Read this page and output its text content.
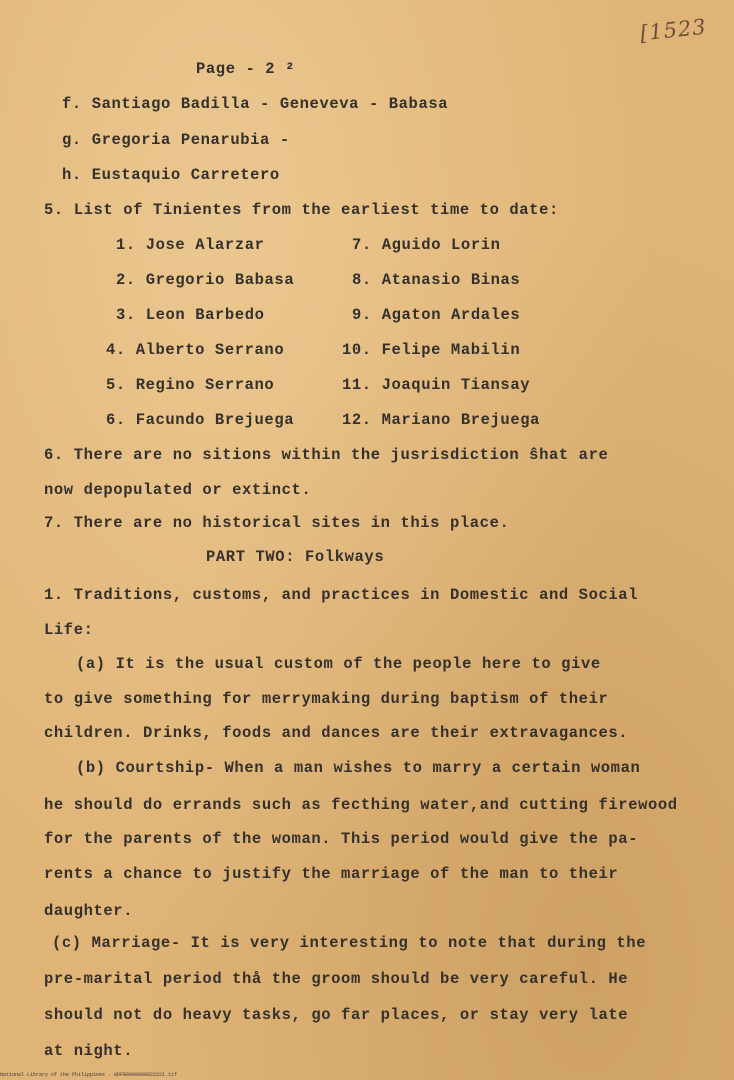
[1523
Page - 2 ²
f. Santiago Badilla - Geneveva - Babasa
g. Gregoria Penarubia -
h. Eustaquio Carretero
5. List of Tinientes from the earliest time to date:
1. Jose Alarzar
2. Gregorio Babasa
3. Leon Barbedo
4. Alberto Serrano
5. Regino Serrano
6. Facundo Brejuega
7. Aguido Lorin
8. Atanasio Binas
9. Agaton Ardales
10. Felipe Mabilin
11. Joaquin Tiansay
12. Mariano Brejuega
6. There are no sitions within the jusrisdiction ŝhat are
now depopulated or extinct.
7. There are no historical sites in this place.
PART TWO: Folkways
1. Traditions, customs, and practices in Domestic and Social
Life:
(a) It is the usual custom of the people here to give
to give something for merrymaking during baptism of their
children. Drinks, foods and dances are their extravagances.
(b) Courtship- When a man wishes to marry a certain woman
he should do errands such as fecthing water,and cutting firewood
for the parents of the woman. This period would give the pa-
rents a chance to justify the marriage of the man to their
daughter.
(c) Marriage- It is very interesting to note that during the
pre-marital period thå the groom should be very careful. He
should not do heavy tasks, go far places, or stay very late
at night.
National Library of the Philippines · HDFB0000000022221.tif
